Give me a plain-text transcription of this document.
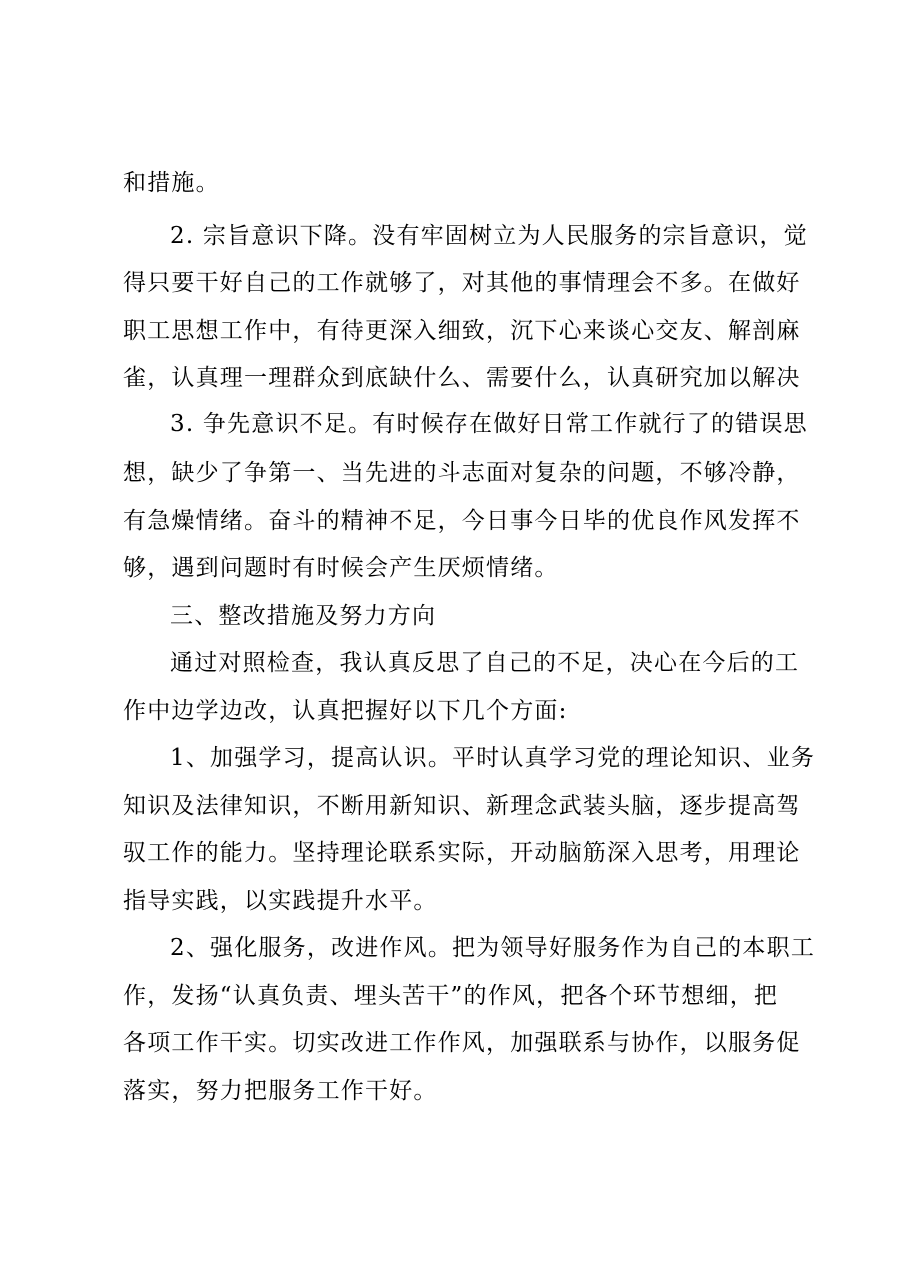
和措施。
2. 宗旨意识下降。没有牢固树立为人民服务的宗旨意识，觉
得只要干好自己的工作就够了，对其他的事情理会不多。在做好
职工思想工作中，有待更深入细致，沉下心来谈心交友、解剖麻
雀，认真理一理群众到底缺什么、需要什么，认真研究加以解决
3. 争先意识不足。有时候存在做好日常工作就行了的错误思
想，缺少了争第一、当先进的斗志面对复杂的问题，不够冷静，
有急燥情绪。奋斗的精神不足，今日事今日毕的优良作风发挥不
够，遇到问题时有时候会产生厌烦情绪。
三、整改措施及努力方向
通过对照检查，我认真反思了自己的不足，决心在今后的工
作中边学边改，认真把握好以下几个方面:
1、加强学习，提高认识。平时认真学习党的理论知识、业务
知识及法律知识，不断用新知识、新理念武装头脑，逐步提高驾
驭工作的能力。坚持理论联系实际，开动脑筋深入思考，用理论
指导实践，以实践提升水平。
2、强化服务，改进作风。把为领导好服务作为自己的本职工
作，发扬“认真负责、埋头苦干”的作风，把各个环节想细，把
各项工作干实。切实改进工作作风，加强联系与协作，以服务促
落实，努力把服务工作干好。
